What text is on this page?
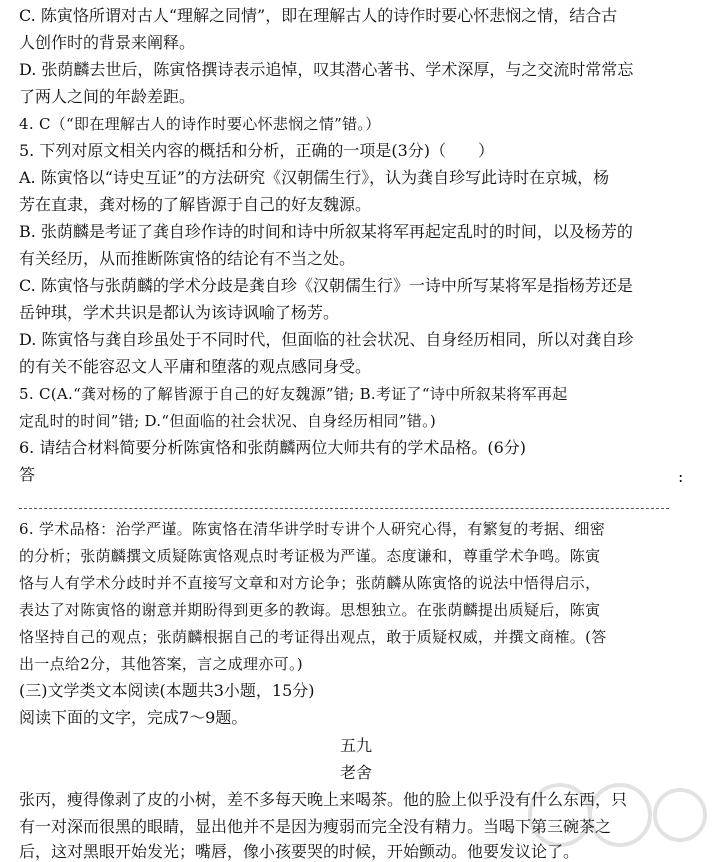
C. 陈寅恪所谓对古人“理解之同情”，即在理解古人的诗作时要心怀悲悯之情，结合古
人创作时的背景来阐释。
D. 张荫麟去世后，陈寅恪撰诗表示追悼，叹其潜心著书、学术深厚，与之交流时常常忘
了两人之间的年龄差距。
4. C（“即在理解古人的诗作时要心怀悲悯之情”错。）
5. 下列对原文相关内容的概括和分析，正确的一项是(3分)（　　）
A. 陈寅恪以“诗史互证”的方法研究《汉朝儒生行》，认为龚自珍写此诗时在京城，杨
芳在直隶，龚对杨的了解皆源于自己的好友魏源。
B. 张荫麟是考证了龚自珍作诗的时间和诗中所叙某将军再起定乱时的时间，以及杨芳的
有关经历，从而推断陈寅恪的结论有不当之处。
C. 陈寅恪与张荫麟的学术分歧是龚自珍《汉朝儒生行》一诗中所写某将军是指杨芳还是
岳钟琪，学术共识是都认为该诗讽喻了杨芳。
D. 陈寅恪与龚自珍虽处于不同时代，但面临的社会状况、自身经历相同，所以对龚自珍
的有关不能容忍文人平庸和堕落的观点感同身受。
5. C(A.“龚对杨的了解皆源于自己的好友魏源”错; B.考证了“诗中所叙某将军再起
定乱时的时间”错; D.“但面临的社会状况、自身经历相同”错。)
6. 请结合材料简要分析陈寅恪和张荫麟两位大师共有的学术品格。(6分)
答	:
6. 学术品格：治学严谨。陈寅恪在清华讲学时专讲个人研究心得，有繁复的考据、细密
的分析；张荫麟撰文质疑陈寅恪观点时考证极为严谨。态度谦和，尊重学术争鸣。陈寅
恪与人有学术分歧时并不直接写文章和对方论争；张荫麟从陈寅恪的说法中悟得启示，
表达了对陈寅恪的谢意并期盼得到更多的教诲。思想独立。在张荫麟提出质疑后，陈寅
恪坚持自己的观点；张荫麟根据自己的考证得出观点，敢于质疑权威，并撰文商榷。(答
出一点给2分，其他答案，言之成理亦可。)
(三)文学类文本阅读(本题共3小题，15分)
阅读下面的文字，完成7～9题。
五九
老舍
张丙，瘦得像剥了皮的小树，差不多每天晚上来喝茶。他的脸上似乎没有什么东西，只
有一对深而很黑的眼睛，显出他并不是因为瘦弱而完全没有精力。当喝下第三碗茶之
后，这对黑眼开始发光；嘴唇，像小孩要哭的时候，开始颤动。他要发议论了。
